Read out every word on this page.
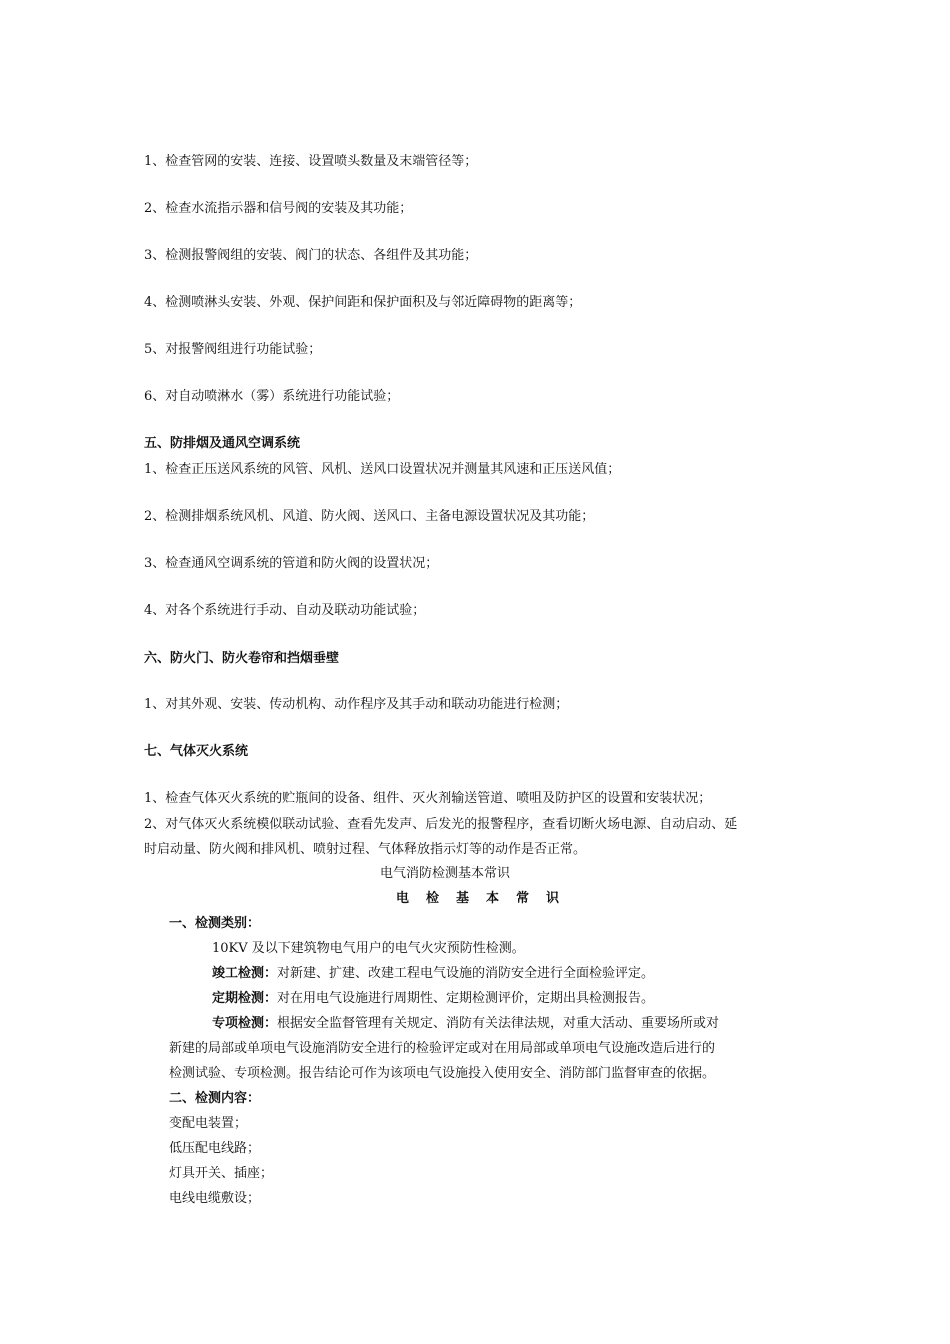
1、检查管网的安装、连接、设置喷头数量及末端管径等；
2、检查水流指示器和信号阀的安装及其功能；
3、检测报警阀组的安装、阀门的状态、各组件及其功能；
4、检测喷淋头安装、外观、保护间距和保护面积及与邻近障碍物的距离等；
5、对报警阀组进行功能试验；
6、对自动喷淋水（雾）系统进行功能试验；
五、防排烟及通风空调系统
1、检查正压送风系统的风管、风机、送风口设置状况并测量其风速和正压送风值；
2、检测排烟系统风机、风道、防火阀、送风口、主备电源设置状况及其功能；
3、检查通风空调系统的管道和防火阀的设置状况；
4、对各个系统进行手动、自动及联动功能试验；
六、防火门、防火卷帘和挡烟垂壁
1、对其外观、安装、传动机构、动作程序及其手动和联动功能进行检测；
七、气体灭火系统
1、检查气体灭火系统的贮瓶间的设备、组件、灭火剂输送管道、喷咀及防护区的设置和安装状况；
2、对气体灭火系统模似联动试验、查看先发声、后发光的报警程序，查看切断火场电源、自动启动、延
时启动量、防火阀和排风机、喷射过程、气体释放指示灯等的动作是否正常。
电气消防检测基本常识
电检基本常识
一、检测类别：
10KV 及以下建筑物电气用户的电气火灾预防性检测。
竣工检测：对新建、扩建、改建工程电气设施的消防安全进行全面检验评定。
定期检测：对在用电气设施进行周期性、定期检测评价，定期出具检测报告。
专项检测：根据安全监督管理有关规定、消防有关法律法规，对重大活动、重要场所或对
新建的局部或单项电气设施消防安全进行的检验评定或对在用局部或单项电气设施改造后进行的
检测试验、专项检测。报告结论可作为该项电气设施投入使用安全、消防部门监督审查的依据。
二、检测内容：
变配电装置；
低压配电线路；
灯具开关、插座；
电线电缆敷设；
